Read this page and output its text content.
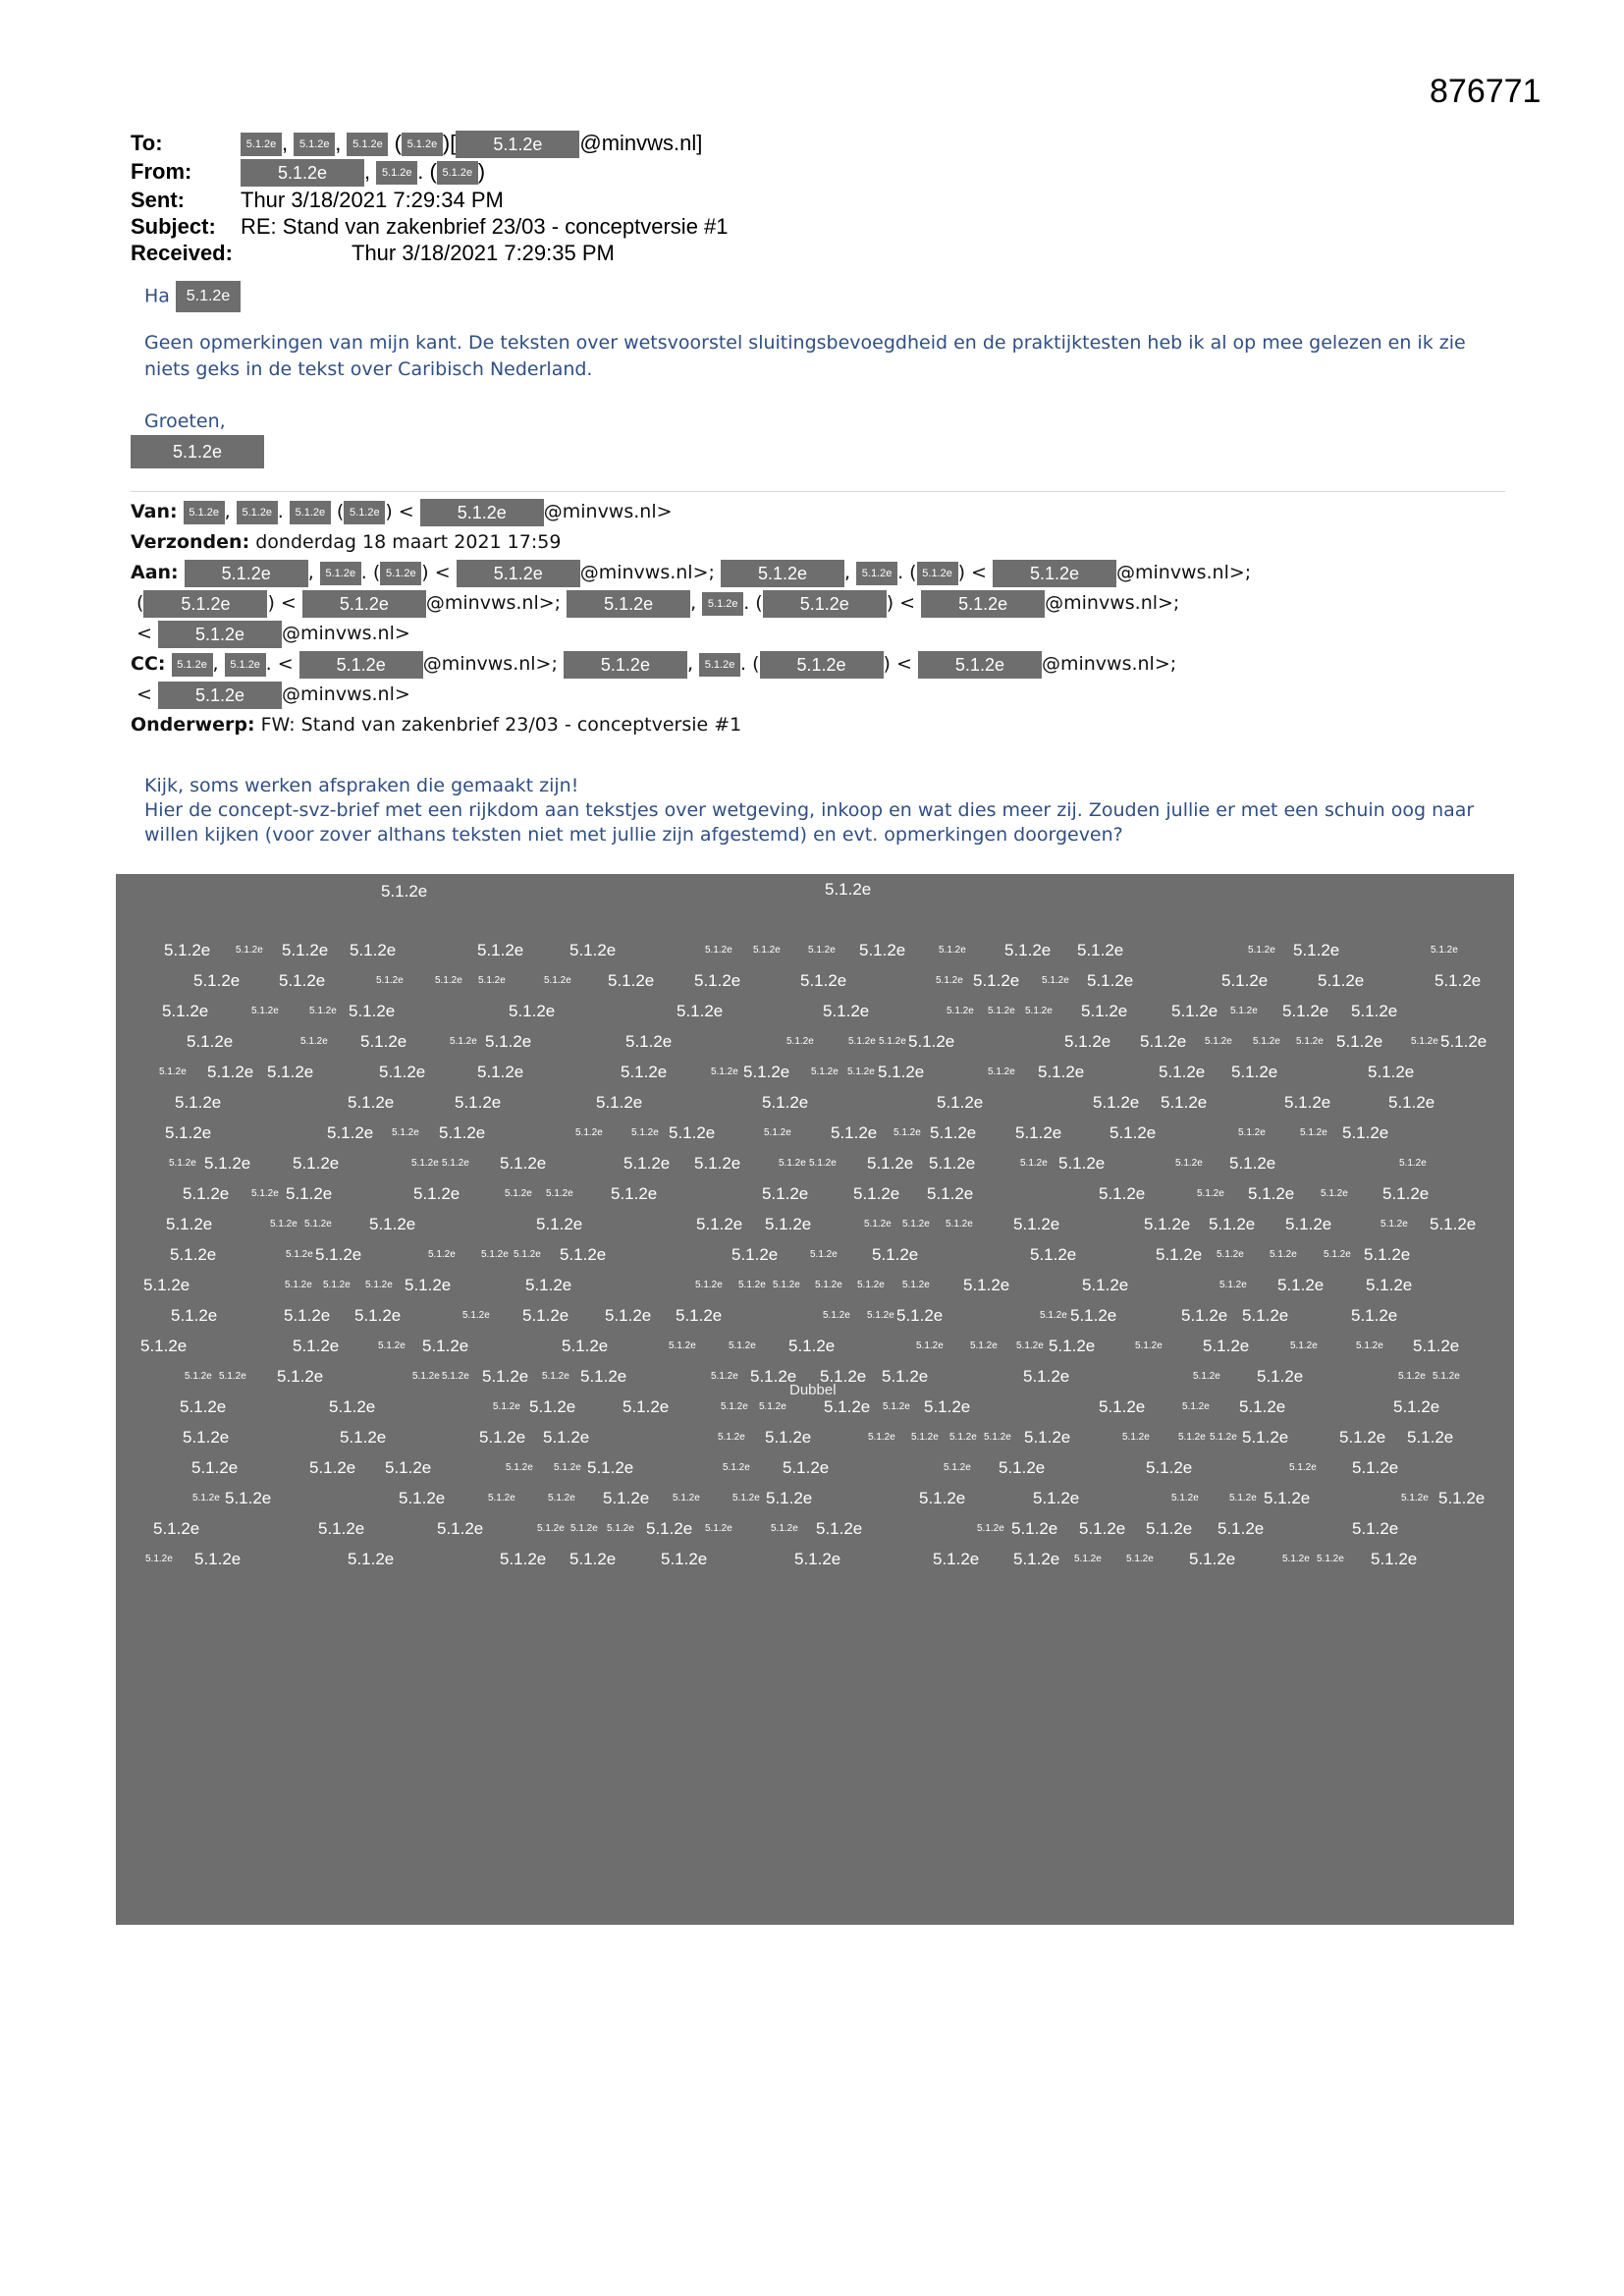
876771
To:	5.1.2e , 5.1.2e , 5.1.2e ( 5.1.2e )[ 5.1.2e @minvws.nl]
From:	5.1.2e , 5.1.2e . ( 5.1.2e )
Sent:	Thur 3/18/2021 7:29:34 PM
Subject: RE: Stand van zakenbrief 23/03 - conceptversie #1
Received:	Thur 3/18/2021 7:29:35 PM

Ha 5.1.2e

Geen opmerkingen van mijn kant. De teksten over wetsvoorstel sluitingsbevoegdheid en de praktijktesten heb ik al op mee gelezen en ik zie niets geks in de tekst over Caribisch Nederland.

Groeten,

5.1.2e

Van: 5.1.2e , 5.1.2e . 5.1.2e ( 5.1.2e ) < 5.1.2e @minvws.nl>
Verzonden: donderdag 18 maart 2021 17:59
Aan: 5.1.2e , 5.1.2e . ( 5.1.2e ) < 5.1.2e @minvws.nl>; 5.1.2e , 5.1.2e . ( 5.1.2e ) < 5.1.2e @minvws.nl>;
( 5.1.2e ) < 5.1.2e @minvws.nl>; 5.1.2e , 5.1.2e . ( 5.1.2e ) < 5.1.2e @minvws.nl>;
< 5.1.2e @minvws.nl>
CC: 5.1.2e , 5.1.2e . < 5.1.2e @minvws.nl>; 5.1.2e , 5.1.2e . ( 5.1.2e ) < 5.1.2e @minvws.nl>;
< 5.1.2e @minvws.nl>
Onderwerp: FW: Stand van zakenbrief 23/03 - conceptversie #1

Kijk, soms werken afspraken die gemaakt zijn!

Hier de concept-svz-brief met een rijkdom aan tekstjes over wetgeving, inkoop en wat dies meer zij. Zouden jullie er met een schuin oog naar willen kijken (voor zover althans teksten niet met jullie zijn afgestemd) en evt. opmerkingen doorgeven?

5.1.2e	5.1.2e
5.1.2e	5.1.2e 5.1.2e 5.1.2e	5.1.2e	5.1.2e	5.1.2e 5.1.2e	5.1.2e 5.1.2e	5.1.2e 5.1.2e 5.1.2e	5.1.2e 5.1.2e	5.1.2e
5.1.2e 5.1.2e	5.1.2e	5.1.2e 5.1.2e	5.1.2e 5.1.2e 5.1.2e	5.1.2e	5.1.2e 5.1.2e 5.1.2e 5.1.2e	5.1.2e	5.1.2e	5.1.2e
5.1.2e	5.1.2e	5.1.2e 5.1.2e	5.1.2e	5.1.2e	5.1.2e	5.1.2e 5.1.2e 5.1.2e 5.1.2e	5.1.2e 5.1.2e 5.1.2e 5.1.2e
5.1.2e	5.1.2e 5.1.2e	5.1.2e 5.1.2e	5.1.2e	5.1.2e	5.1.2e 5.1.2e 5.1.2e	5.1.2e 5.1.2e 5.1.2e 5.1.2e 5.1.2e 5.1.2e	5.1.2e 5.1.2e
5.1.2e 5.1.2e 5.1.2e	5.1.2e	5.1.2e	5.1.2e	5.1.2e 5.1.2e 5.1.2e 5.1.2e 5.1.2e	5.1.2e 5.1.2e	5.1.2e 5.1.2e	5.1.2e
5.1.2e	5.1.2e	5.1.2e	5.1.2e	5.1.2e	5.1.2e	5.1.2e 5.1.2e	5.1.2e	5.1.2e
5.1.2e	5.1.2e 5.1.2e 5.1.2e	5.1.2e	5.1.2e 5.1.2e	5.1.2e 5.1.2e 5.1.2e 5.1.2e 5.1.2e	5.1.2e	5.1.2e	5.1.2e 5.1.2e
5.1.2e 5.1.2e	5.1.2e	5.1.2e 5.1.2e 5.1.2e	5.1.2e 5.1.2e	5.1.2e 5.1.2e 5.1.2e 5.1.2e	5.1.2e 5.1.2e	5.1.2e 5.1.2e	5.1.2e
5.1.2e 5.1.2e 5.1.2e	5.1.2e	5.1.2e 5.1.2e 5.1.2e	5.1.2e	5.1.2e 5.1.2e	5.1.2e	5.1.2e 5.1.2e	5.1.2e 5.1.2e
5.1.2e	5.1.2e 5.1.2e 5.1.2e	5.1.2e	5.1.2e 5.1.2e	5.1.2e 5.1.2e 5.1.2e 5.1.2e	5.1.2e 5.1.2e 5.1.2e	5.1.2e 5.1.2e
5.1.2e	5.1.2e 5.1.2e	5.1.2e	5.1.2e 5.1.2e 5.1.2e	5.1.2e	5.1.2e 5.1.2e	5.1.2e	5.1.2e 5.1.2e	5.1.2e	5.1.2e 5.1.2e
5.1.2e	5.1.2e 5.1.2e 5.1.2e 5.1.2e	5.1.2e	5.1.2e 5.1.2e 5.1.2e 5.1.2e 5.1.2e 5.1.2e 5.1.2e	5.1.2e	5.1.2e 5.1.2e	5.1.2e
5.1.2e	5.1.2e 5.1.2e	5.1.2e 5.1.2e 5.1.2e 5.1.2e	5.1.2e 5.1.2e 5.1.2e	5.1.2e 5.1.2e	5.1.2e 5.1.2e	5.1.2e
5.1.2e	5.1.2e	5.1.2e 5.1.2e	5.1.2e	5.1.2e	5.1.2e 5.1.2e	5.1.2e	5.1.2e 5.1.2e 5.1.2e	5.1.2e 5.1.2e	5.1.2e	5.1.2e 5.1.2e
5.1.2e 5.1.2e 5.1.2e	5.1.2e 5.1.2e 5.1.2e 5.1.2e 5.1.2e	5.1.2e 5.1.2e 5.1.2e 5.1.2e	5.1.2e	5.1.2e 5.1.2e	5.1.2e 5.1.2e
5.1.2e	5.1.2e	5.1.2e 5.1.2e	5.1.2e	5.1.2e 5.1.2e 5.1.2e 5.1.2e 5.1.2e	5.1.2e	5.1.2e 5.1.2e	5.1.2e
5.1.2e	5.1.2e	5.1.2e 5.1.2e	5.1.2e 5.1.2e	5.1.2e 5.1.2e 5.1.2e 5.1.2e 5.1.2e	5.1.2e	5.1.2e 5.1.2e 5.1.2e	5.1.2e 5.1.2e
5.1.2e	5.1.2e 5.1.2e	5.1.2e 5.1.2e 5.1.2e	5.1.2e 5.1.2e	5.1.2e 5.1.2e	5.1.2e	5.1.2e 5.1.2e
5.1.2e 5.1.2e	5.1.2e	5.1.2e	5.1.2e 5.1.2e 5.1.2e	5.1.2e 5.1.2e	5.1.2e	5.1.2e	5.1.2e	5.1.2e 5.1.2e	5.1.2e 5.1.2e
5.1.2e	5.1.2e	5.1.2e	5.1.2e 5.1.2e 5.1.2e 5.1.2e 5.1.2e	5.1.2e 5.1.2e	5.1.2e 5.1.2e 5.1.2e 5.1.2e 5.1.2e	5.1.2e
5.1.2e 5.1.2e	5.1.2e	5.1.2e 5.1.2e	5.1.2e	5.1.2e	5.1.2e 5.1.2e 5.1.2e	5.1.2e 5.1.2e	5.1.2e 5.1.2e 5.1.2e
Dubbel
